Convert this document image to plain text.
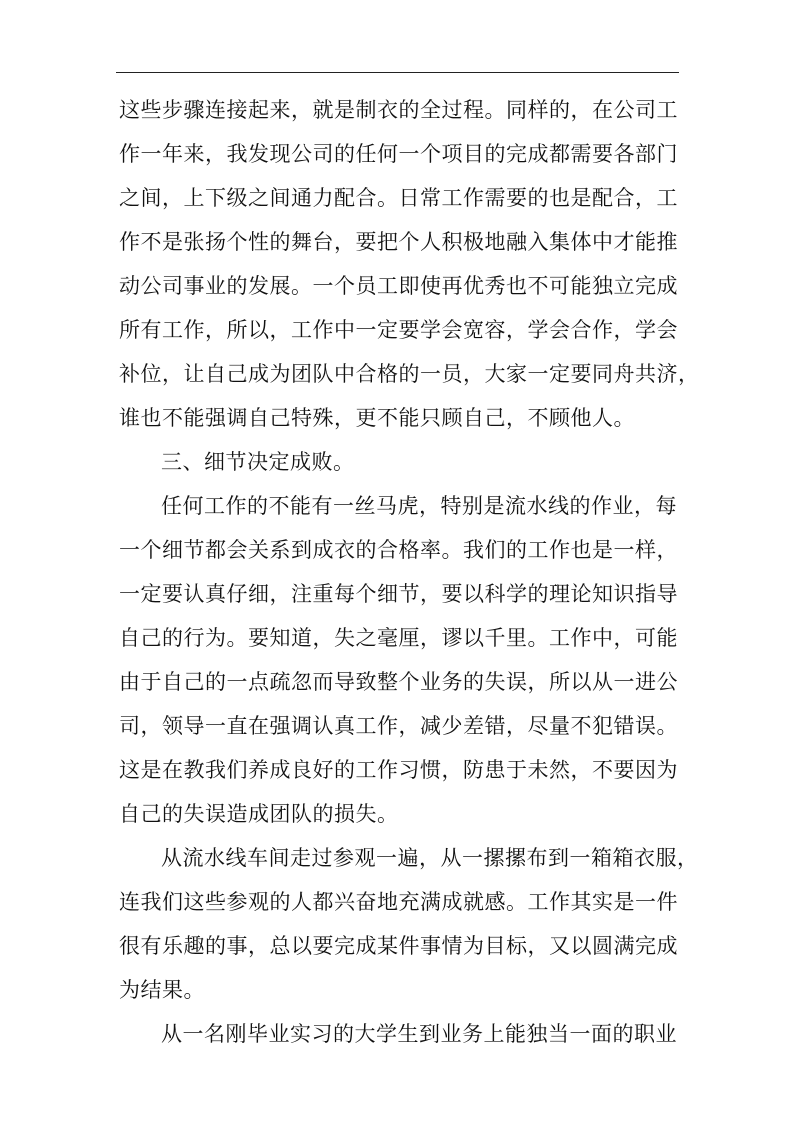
这些步骤连接起来，就是制衣的全过程。同样的，在公司工
作一年来，我发现公司的任何一个项目的完成都需要各部门
之间，上下级之间通力配合。日常工作需要的也是配合，工
作不是张扬个性的舞台，要把个人积极地融入集体中才能推
动公司事业的发展。一个员工即使再优秀也不可能独立完成
所有工作，所以，工作中一定要学会宽容，学会合作，学会
补位，让自己成为团队中合格的一员，大家一定要同舟共济，
谁也不能强调自己特殊，更不能只顾自己，不顾他人。
三、细节决定成败。
任何工作的不能有一丝马虎，特别是流水线的作业，每
一个细节都会关系到成衣的合格率。我们的工作也是一样，
一定要认真仔细，注重每个细节，要以科学的理论知识指导
自己的行为。要知道，失之毫厘，谬以千里。工作中，可能
由于自己的一点疏忽而导致整个业务的失误，所以从一进公
司，领导一直在强调认真工作，减少差错，尽量不犯错误。
这是在教我们养成良好的工作习惯，防患于未然，不要因为
自己的失误造成团队的损失。
从流水线车间走过参观一遍，从一摞摞布到一箱箱衣服，
连我们这些参观的人都兴奋地充满成就感。工作其实是一件
很有乐趣的事，总以要完成某件事情为目标，又以圆满完成
为结果。
从一名刚毕业实习的大学生到业务上能独当一面的职业
